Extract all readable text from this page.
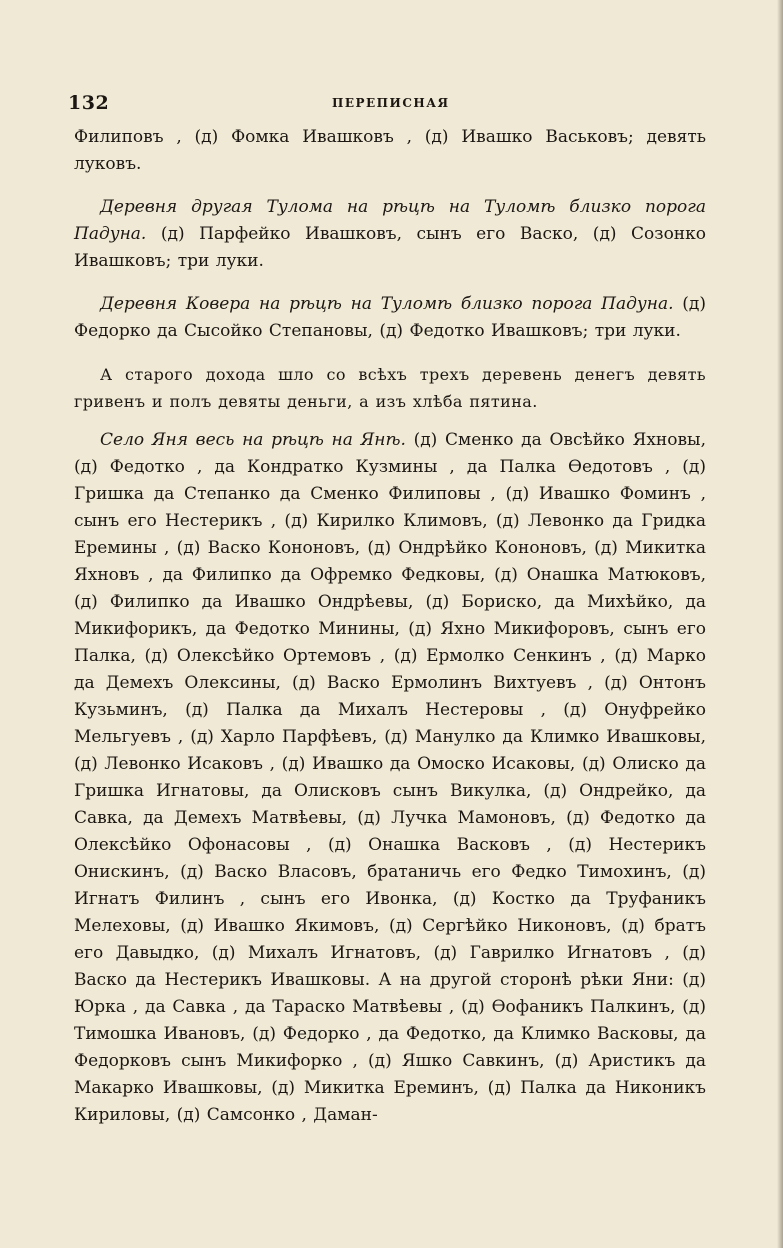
132	ПЕРЕПИСНАЯ

Филиповъ , (д) Фомка Ивашковъ , (д) Ивашко Васьковъ; девять луковъ.

Деревня другая Тулома на рѣцѣ на Туломѣ близко порога Падуна. (д) Парфейко Ивашковъ, сынъ его Васко, (д) Созонко Ивашковъ; три луки.

Деревня Ковера на рѣцѣ на Туломѣ близко порога Падуна. (д) Федорко да Сысойко Степановы, (д) Федотко Ивашковъ; три луки.

А старого дохода шло со всѣхъ трехъ деревень денегъ девять гривенъ и полъ девяты деньги, а изъ хлѣба пятина.

Село Яня весь на рѣцѣ на Янѣ. (д) Сменко да Овсѣйко Яхновы, (д) Федотко , да Кондратко Кузмины , да Палка Ѳедотовъ , (д) Гришка да Степанко да Сменко Филиповы , (д) Ивашко Фоминъ , сынъ его Нестерикъ , (д) Кирилко Климовъ, (д) Левонко да Гридка Еремины , (д) Васко Кононовъ, (д) Ондрѣйко Кононовъ, (д) Микитка Яхновъ , да Филипко да Офремко Федковы, (д) Онашка Матюковъ, (д) Филипко да Ивашко Ондрѣевы, (д) Бориско, да Михѣйко, да Микифорикъ, да Федотко Минины, (д) Яхно Микифоровъ, сынъ его Палка, (д) Олексѣйко Ортемовъ , (д) Ермолко Сенкинъ , (д) Марко да Демехъ Олексины, (д) Васко Ермолинъ Вихтуевъ , (д) Онтонъ Кузьминъ, (д) Палка да Михалъ Нестеровы , (д) Онуфрейко Мельгуевъ , (д) Харло Парфѣевъ, (д) Манулко да Климко Ивашковы, (д) Левонко Исаковъ , (д) Ивашко да Омоско Исаковы, (д) Олиско да Гришка Игнатовы, да Олисковъ сынъ Викулка, (д) Ондрейко, да Савка, да Демехъ Матвѣевы, (д) Лучка Мамоновъ, (д) Федотко да Олексѣйко Офонасовы , (д) Онашка Васковъ , (д) Нестерикъ Онискинъ, (д) Васко Власовъ, братаничь его Федко Тимохинъ, (д) Игнатъ Филинъ , сынъ его Ивонка, (д) Костко да Труфаникъ Мелеховы, (д) Ивашко Якимовъ, (д) Сергѣйко Никоновъ, (д) братъ его Давыдко, (д) Михалъ Игнатовъ, (д) Гаврилко Игнатовъ , (д) Васко да Нестерикъ Ивашковы. А на другой сторонѣ рѣки Яни: (д) Юрка , да Савка , да Тараско Матвѣевы , (д) Ѳофаникъ Палкинъ, (д) Тимошка Ивановъ, (д) Федорко , да Федотко, да Климко Васковы, да Федорковъ сынъ Микифорко , (д) Яшко Савкинъ, (д) Аристикъ да Макарко Ивашковы, (д) Микитка Ереминъ, (д) Палка да Никоникъ Кириловы, (д) Самсонко , Даман-
